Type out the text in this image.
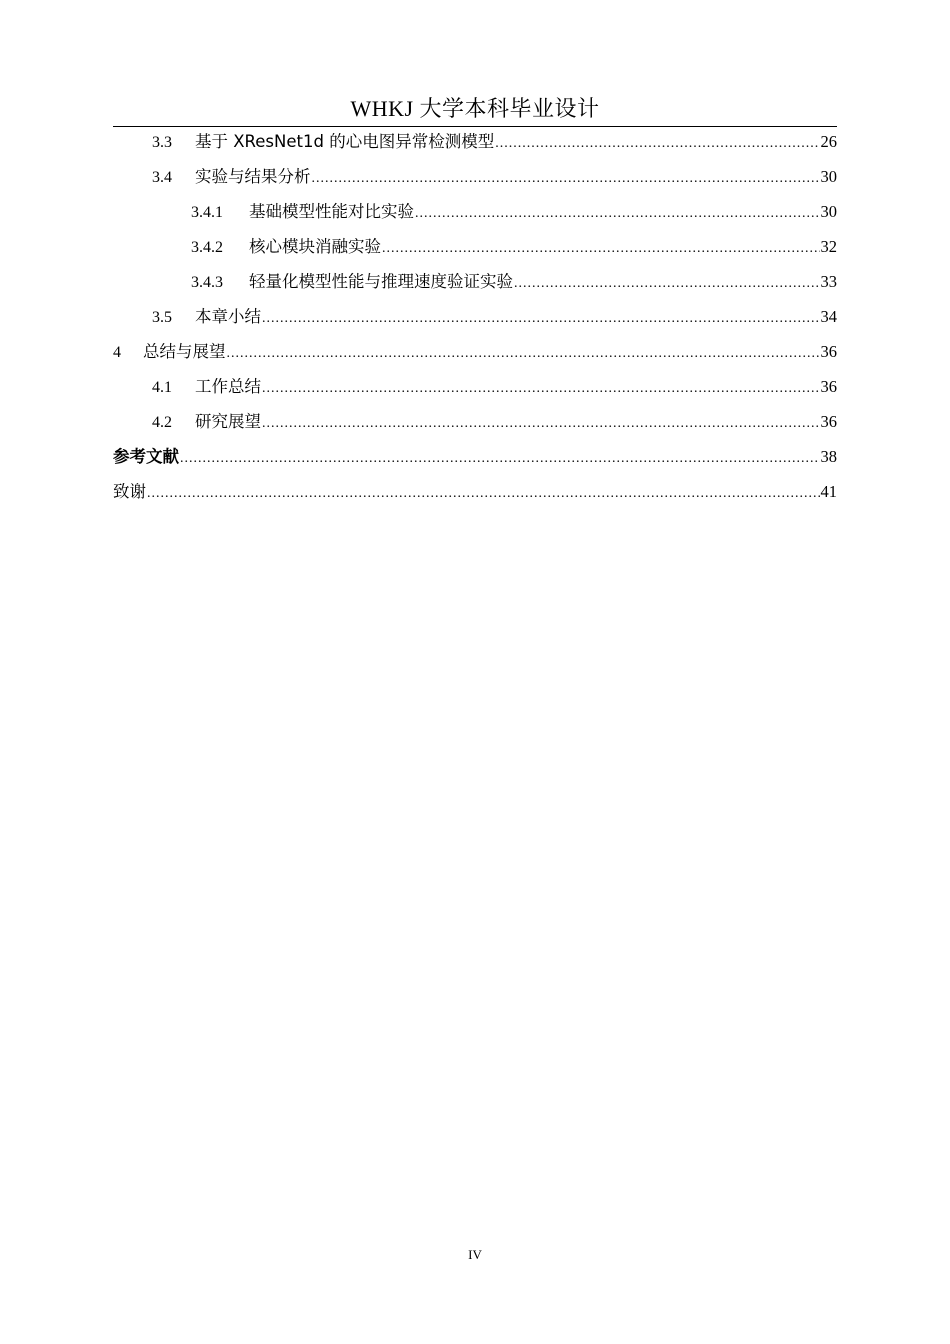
WHKJ 大学本科毕业设计
3.3	基于 XResNet1d 的心电图异常检测模型 .....	26
3.4	实验与结果分析 .....	30
3.4.1	基础模型性能对比实验 .....	30
3.4.2	核心模块消融实验 .....	32
3.4.3	轻量化模型性能与推理速度验证实验 .....	33
3.5	本章小结 .....	34
4	总结与展望 .....	36
4.1	工作总结 .....	36
4.2	研究展望 .....	36
参考文献 .....	38
致谢 .....	41
IV
